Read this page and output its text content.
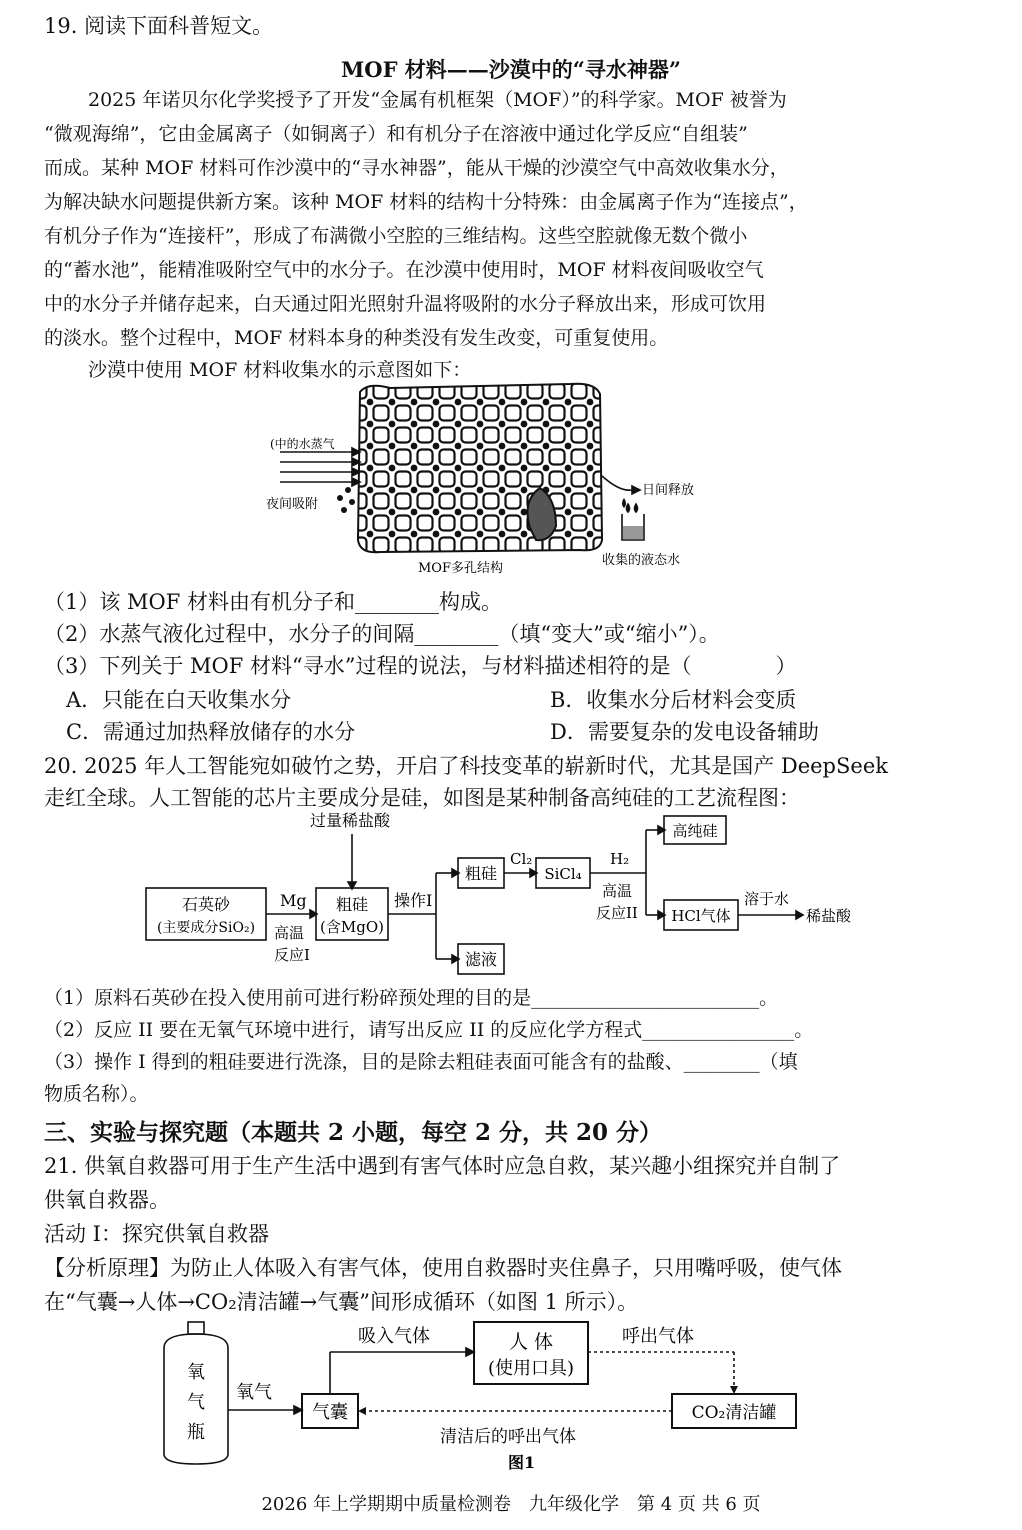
19. 阅读下面科普短文。
MOF 材料——沙漠中的“寻水神器”
2025 年诺贝尔化学奖授予了开发“金属有机框架（MOF）”的科学家。MOF 被誉为
“微观海绵”，它由金属离子（如铜离子）和有机分子在溶液中通过化学反应“自组装”
而成。某种 MOF 材料可作沙漠中的“寻水神器”，能从干燥的沙漠空气中高效收集水分，
为解决缺水问题提供新方案。该种 MOF 材料的结构十分特殊：由金属离子作为“连接点”，
有机分子作为“连接杆”，形成了布满微小空腔的三维结构。这些空腔就像无数个微小
的“蓄水池”，能精准吸附空气中的水分子。在沙漠中使用时，MOF 材料夜间吸收空气
中的水分子并储存起来，白天通过阳光照射升温将吸附的水分子释放出来，形成可饮用
的淡水。整个过程中，MOF 材料本身的种类没有发生改变，可重复使用。
沙漠中使用 MOF 材料收集水的示意图如下：
(中的水蒸气
夜间吸附
日间释放
收集的液态水
MOF多孔结构
（1）该 MOF 材料由有机分子和________构成。
（2）水蒸气液化过程中，水分子的间隔________（填“变大”或“缩小”）。
（3）下列关于 MOF 材料“寻水”过程的说法，与材料描述相符的是（　　　　）
A．只能在白天收集水分	B．收集水分后材料会变质
C．需通过加热释放储存的水分	D．需要复杂的发电设备辅助
20. 2025 年人工智能宛如破竹之势，开启了科技变革的崭新时代，尤其是国产 DeepSeek
走红全球。人工智能的芯片主要成分是硅，如图是某种制备高纯硅的工艺流程图：
石英砂
(主要成分SiO₂)
Mg
高温
反应I
过量稀盐酸
粗硅
(含MgO)
操作I
粗硅
滤液
Cl₂
SiCl₄
H₂
高温
反应II
高纯硅
HCl气体
溶于水
稀盐酸
（1）原料石英砂在投入使用前可进行粉碎预处理的目的是________________________。
（2）反应 II 要在无氧气环境中进行，请写出反应 II 的反应化学方程式________________。
（3）操作 I 得到的粗硅要进行洗涤，目的是除去粗硅表面可能含有的盐酸、________（填
物质名称）。
三、实验与探究题（本题共 2 小题，每空 2 分，共 20 分）
21. 供氧自救器可用于生产生活中遇到有害气体时应急自救，某兴趣小组探究并自制了
供氧自救器。
活动 I：探究供氧自救器
【分析原理】为防止人体吸入有害气体，使用自救器时夹住鼻子，只用嘴呼吸，使气体
在“气囊→人体→CO₂清洁罐→气囊”间形成循环（如图 1 所示）。
氧
气
瓶
氧气
气囊
吸入气体	人 体
(使用口具)
呼出气体
CO₂清洁罐
清洁后的呼出气体
图1
2026 年上学期期中质量检测卷　九年级化学　第 4 页 共 6 页
